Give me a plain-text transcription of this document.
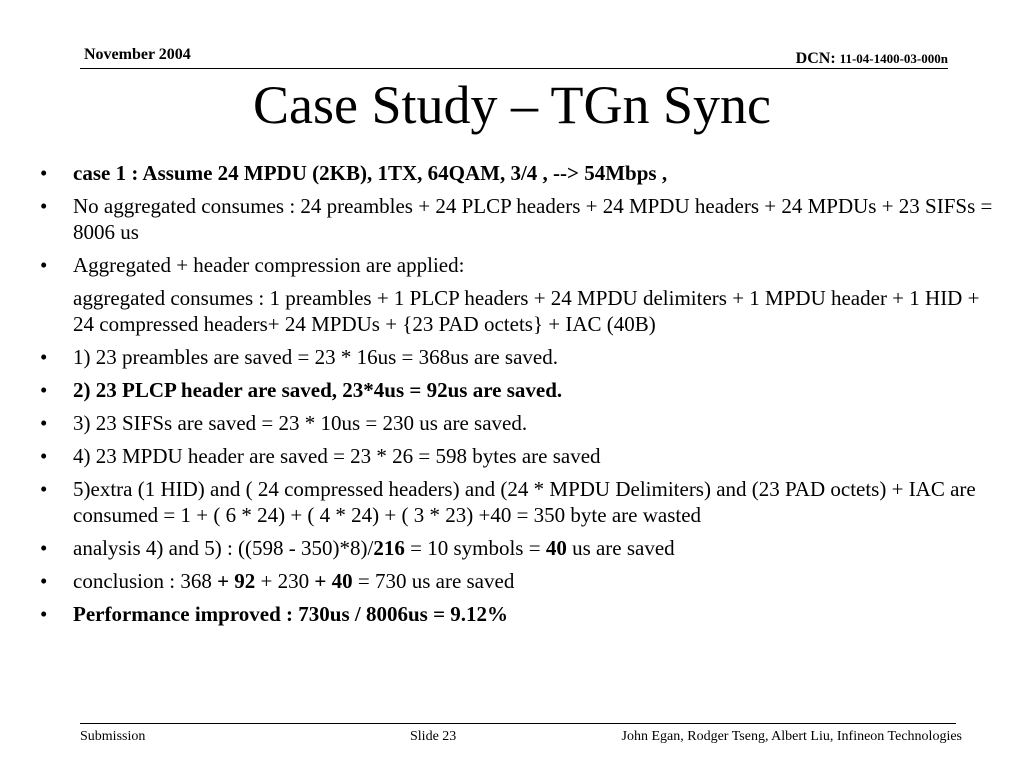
November 2004	DCN: 11-04-1400-03-000n
Case Study – TGn Sync
• case 1 : Assume 24 MPDU (2KB), 1TX, 64QAM, 3/4 , --> 54Mbps ,
• No aggregated consumes : 24 preambles + 24 PLCP headers + 24 MPDU headers + 24 MPDUs + 23 SIFSs = 8006 us
• Aggregated + header compression are applied:
aggregated consumes : 1 preambles + 1 PLCP headers + 24 MPDU delimiters + 1 MPDU header + 1 HID + 24 compressed headers+ 24 MPDUs + {23 PAD octets} + IAC (40B)
• 1) 23 preambles are saved = 23 * 16us = 368us are saved.
• 2) 23 PLCP header are saved, 23*4us = 92us are saved.
• 3) 23 SIFSs are saved = 23 * 10us = 230 us are saved.
• 4) 23 MPDU header are saved = 23 * 26 = 598 bytes are saved
• 5)extra (1 HID) and ( 24 compressed headers) and (24 * MPDU Delimiters) and (23 PAD octets) + IAC are consumed = 1 + ( 6 * 24) + ( 4 * 24) + ( 3 * 23) +40 = 350 byte are wasted
• analysis 4) and 5) : ((598 - 350)*8)/216 = 10 symbols = 40 us are saved
• conclusion : 368 + 92 + 230 + 40 = 730 us are saved
• Performance improved : 730us / 8006us = 9.12%
Submission	Slide 23	John Egan, Rodger Tseng, Albert Liu, Infineon Technologies
